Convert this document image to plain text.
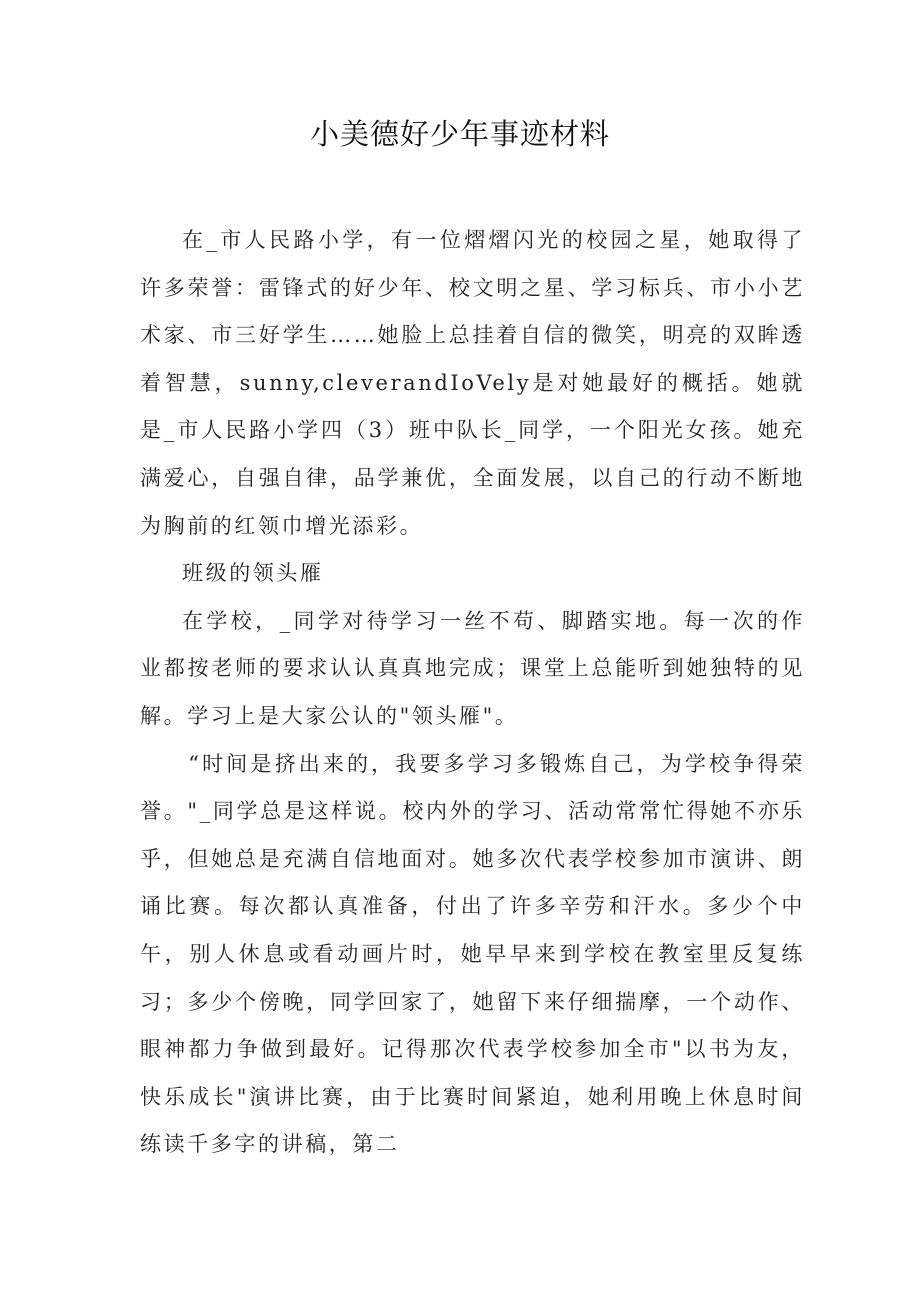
小美德好少年事迹材料

在_市人民路小学，有一位熠熠闪光的校园之星，她取得了许多荣誉：雷锋式的好少年、校文明之星、学习标兵、市小小艺术家、市三好学生……她脸上总挂着自信的微笑，明亮的双眸透着智慧，sunny,cleverandIoVely是对她最好的概括。她就是_市人民路小学四（3）班中队长_同学，一个阳光女孩。她充满爱心，自强自律，品学兼优，全面发展，以自己的行动不断地为胸前的红领巾增光添彩。

班级的领头雁

在学校，_同学对待学习一丝不苟、脚踏实地。每一次的作业都按老师的要求认认真真地完成；课堂上总能听到她独特的见解。学习上是大家公认的"领头雁"。

“时间是挤出来的，我要多学习多锻炼自己，为学校争得荣誉。"_同学总是这样说。校内外的学习、活动常常忙得她不亦乐乎，但她总是充满自信地面对。她多次代表学校参加市演讲、朗诵比赛。每次都认真准备，付出了许多辛劳和汗水。多少个中午，别人休息或看动画片时，她早早来到学校在教室里反复练习；多少个傍晚，同学回家了，她留下来仔细揣摩，一个动作、眼神都力争做到最好。记得那次代表学校参加全市"以书为友，快乐成长"演讲比赛，由于比赛时间紧迫，她利用晚上休息时间练读千多字的讲稿，第二
